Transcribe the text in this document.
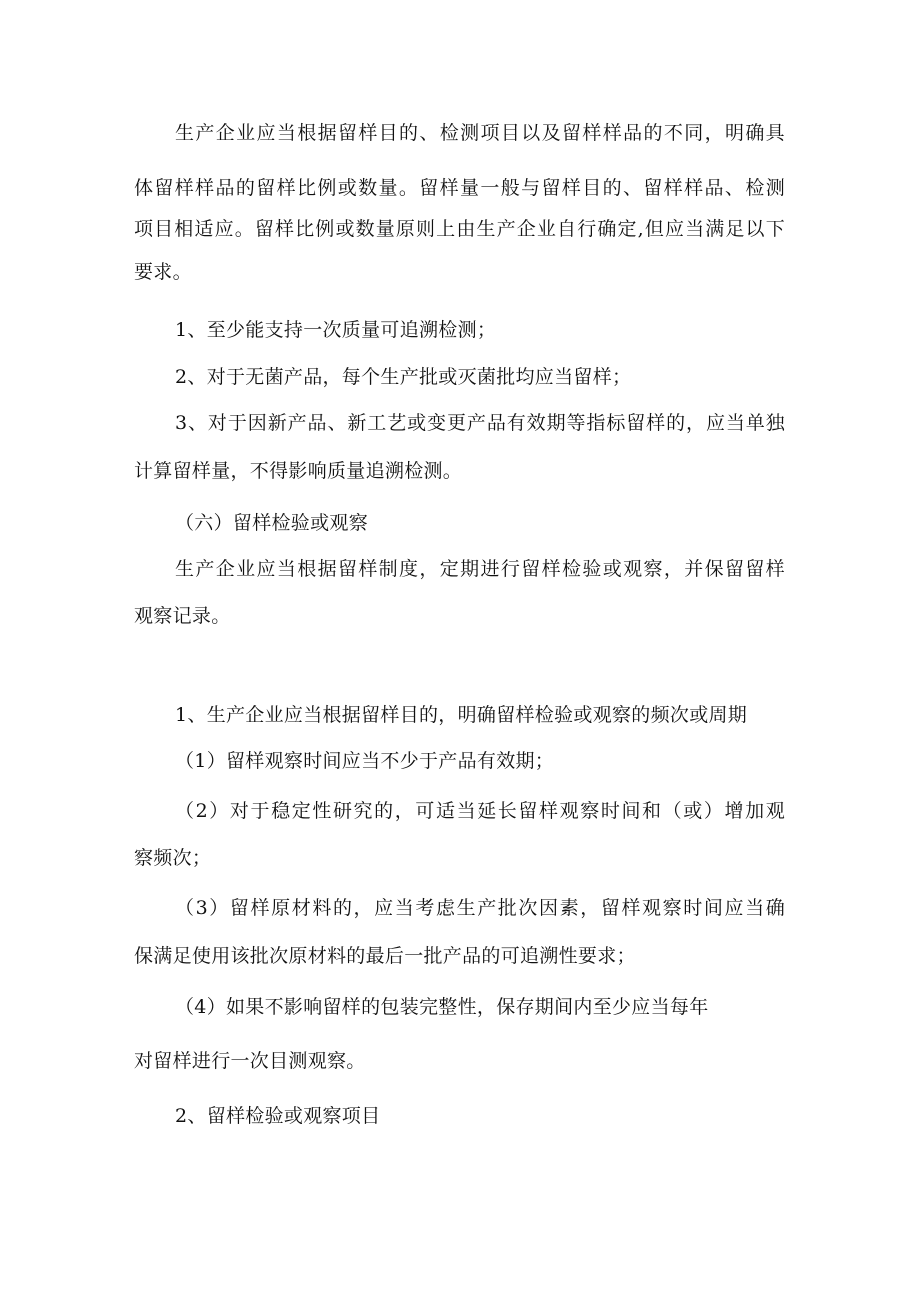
生产企业应当根据留样目的、检测项目以及留样样品的不同，明确具
体留样样品的留样比例或数量。留样量一般与留样目的、留样样品、检测
项目相适应。留样比例或数量原则上由生产企业自行确定,但应当满足以下
要求。
1、至少能支持一次质量可追溯检测；
2、对于无菌产品，每个生产批或灭菌批均应当留样；
3、对于因新产品、新工艺或变更产品有效期等指标留样的，应当单独
计算留样量，不得影响质量追溯检测。
（六）留样检验或观察
生产企业应当根据留样制度，定期进行留样检验或观察，并保留留样
观察记录。
1、生产企业应当根据留样目的，明确留样检验或观察的频次或周期
（1）留样观察时间应当不少于产品有效期；
（2）对于稳定性研究的，可适当延长留样观察时间和（或）增加观
察频次；
（3）留样原材料的，应当考虑生产批次因素，留样观察时间应当确
保满足使用该批次原材料的最后一批产品的可追溯性要求；
（4）如果不影响留样的包装完整性，保存期间内至少应当每年
对留样进行一次目测观察。
2、留样检验或观察项目
